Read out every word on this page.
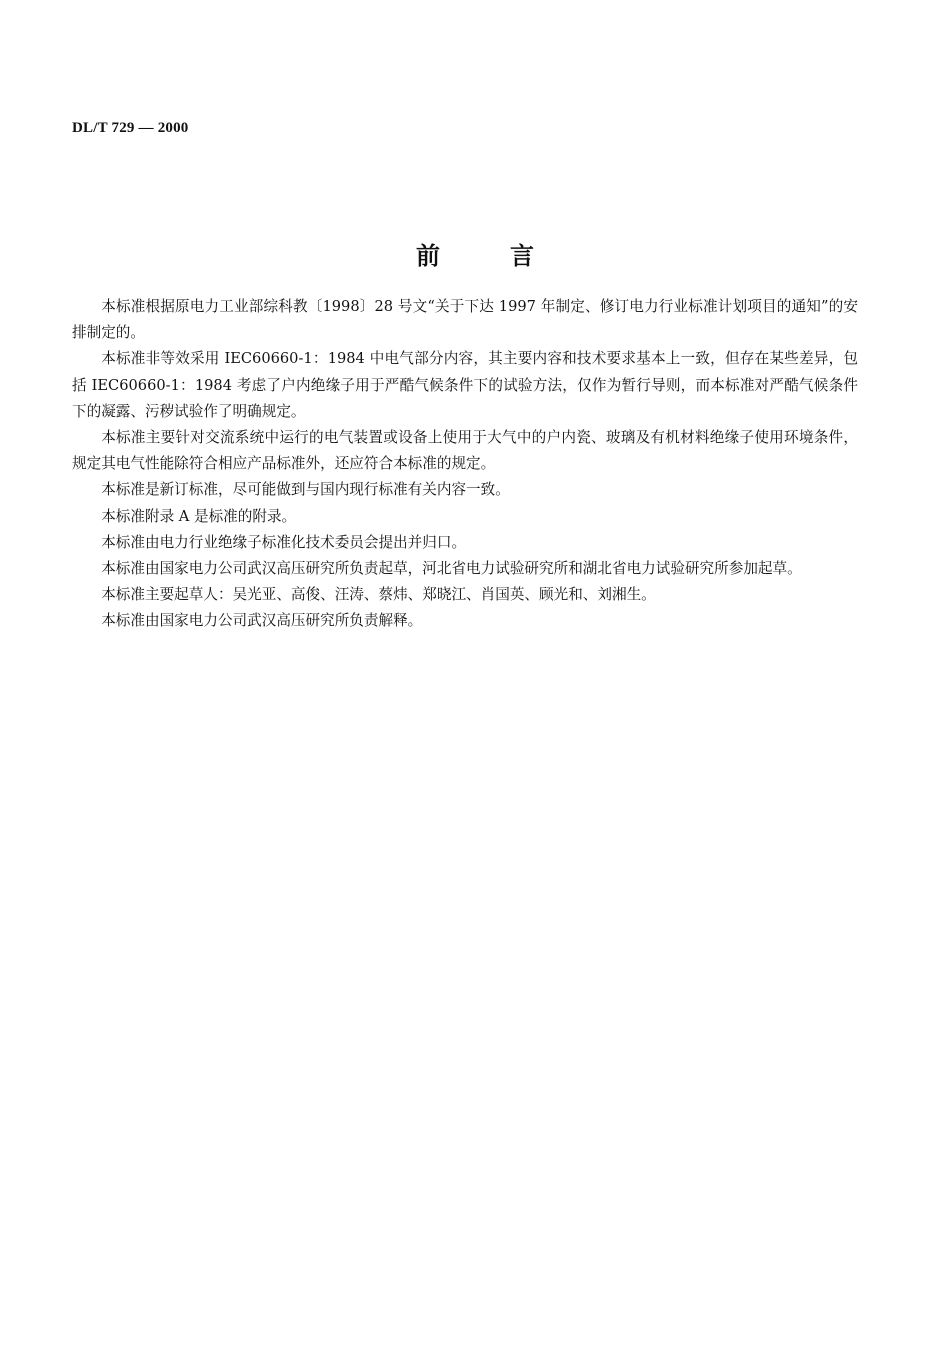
DL/T 729 — 2000
前	言

本标准根据原电力工业部综科教〔1998〕28 号文“关于下达 1997 年制定、修订电力行业标准计划项目的通知”的安排制定的。

本标准非等效采用 IEC60660-1：1984 中电气部分内容，其主要内容和技术要求基本上一致，但存在某些差异，包括 IEC60660-1：1984 考虑了户内绝缘子用于严酷气候条件下的试验方法，仅作为暂行导则，而本标准对严酷气候条件下的凝露、污秽试验作了明确规定。

本标准主要针对交流系统中运行的电气装置或设备上使用于大气中的户内瓷、玻璃及有机材料绝缘子使用环境条件，规定其电气性能除符合相应产品标准外，还应符合本标准的规定。

本标准是新订标准，尽可能做到与国内现行标准有关内容一致。

本标准附录 A 是标准的附录。

本标准由电力行业绝缘子标准化技术委员会提出并归口。

本标准由国家电力公司武汉高压研究所负责起草，河北省电力试验研究所和湖北省电力试验研究所参加起草。

本标准主要起草人：吴光亚、高俊、汪涛、蔡炜、郑晓江、肖国英、顾光和、刘湘生。

本标准由国家电力公司武汉高压研究所负责解释。
